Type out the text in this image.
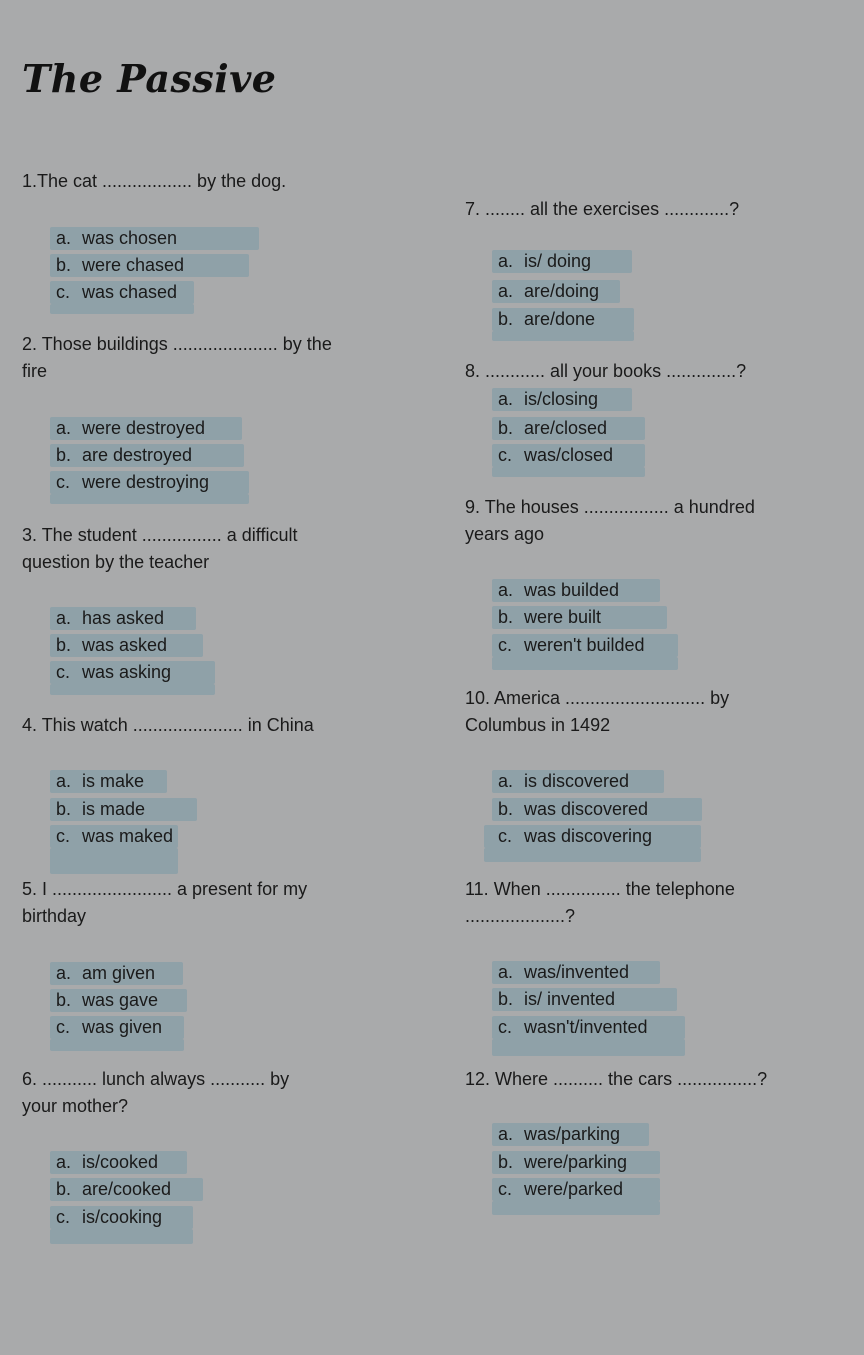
The Passive
1.The cat .................. by the dog.
a. was chosen
b. were chased
c. was chased
2. Those buildings ..................... by the
fire
a. were destroyed
b. are destroyed
c. were destroying
3. The student ................ a difficult
question by the teacher
a. has asked
b. was asked
c. was asking
4. This watch ...................... in China
a. is make
b. is made
c. was maked
5. I ........................ a present for my
birthday
a. am given
b. was gave
c. was given
6. ........... lunch always ........... by
your mother?
a. is/cooked
b. are/cooked
c. is/cooking
7. ........ all the exercises .............?
a. is/ doing
a. are/doing
b. are/done
8. ............ all your books ..............?
a. is/closing
b. are/closed
c. was/closed
9. The houses ................. a hundred
years ago
a. was builded
b. were built
c. weren't builded
10. America ............................ by
Columbus in 1492
a. is discovered
b. was discovered
c. was discovering
11. When ............... the telephone
....................?
a. was/invented
b. is/ invented
c. wasn't/invented
12. Where .......... the cars ................?
a. was/parking
b. were/parking
c. were/parked
